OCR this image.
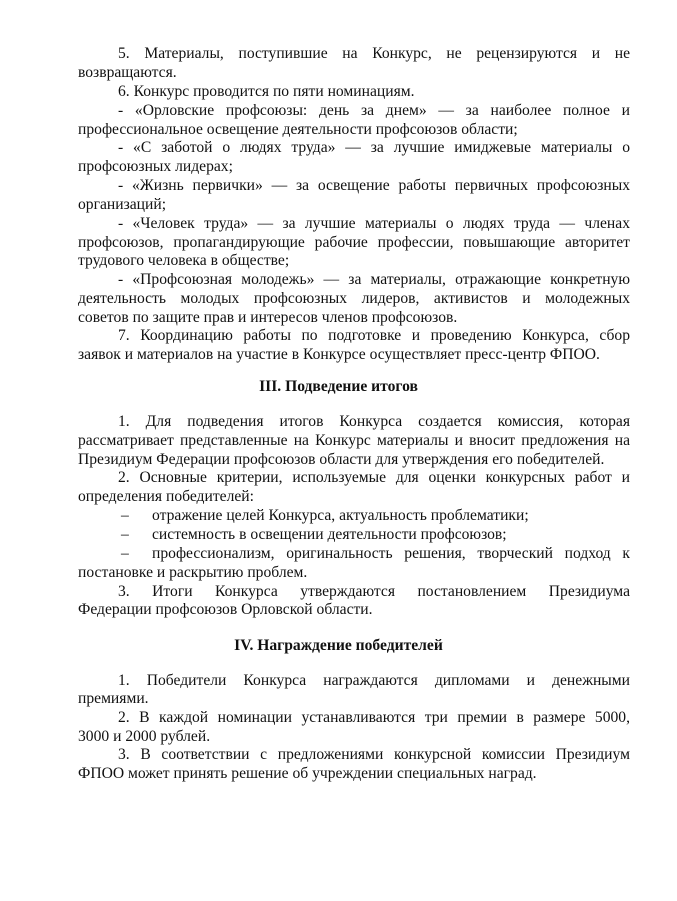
5. Материалы, поступившие на Конкурс, не рецензируются и не
возвращаются.
6. Конкурс проводится по пяти номинациям.
- «Орловские профсоюзы: день за днем» — за наиболее полное и
профессиональное освещение деятельности профсоюзов области;
- «С заботой о людях труда» — за лучшие имиджевые материалы о
профсоюзных лидерах;
- «Жизнь первички» — за освещение работы первичных профсоюзных
организаций;
- «Человек труда» — за лучшие материалы о людях труда — членах
профсоюзов, пропагандирующие рабочие профессии, повышающие авторитет
трудового человека в обществе;
- «Профсоюзная молодежь» — за материалы, отражающие конкретную
деятельность молодых профсоюзных лидеров, активистов и молодежных
советов по защите прав и интересов членов профсоюзов.
7. Координацию работы по подготовке и проведению Конкурса, сбор
заявок и материалов на участие в Конкурсе осуществляет пресс-центр ФПОО.
III. Подведение итогов
1. Для подведения итогов Конкурса создается комиссия, которая
рассматривает представленные на Конкурс материалы и вносит предложения на
Президиум Федерации профсоюзов области для утверждения его победителей.
2. Основные критерии, используемые для оценки конкурсных работ и
определения победителей:
– отражение целей Конкурса, актуальность проблематики;
– системность в освещении деятельности профсоюзов;
– профессионализм, оригинальность решения, творческий подход к
постановке и раскрытию проблем.
3. Итоги Конкурса утверждаются постановлением Президиума
Федерации профсоюзов Орловской области.
IV. Награждение победителей
1. Победители Конкурса награждаются дипломами и денежными
премиями.
2. В каждой номинации устанавливаются три премии в размере 5000,
3000 и 2000 рублей.
3. В соответствии с предложениями конкурсной комиссии Президиум
ФПОО может принять решение об учреждении специальных наград.
